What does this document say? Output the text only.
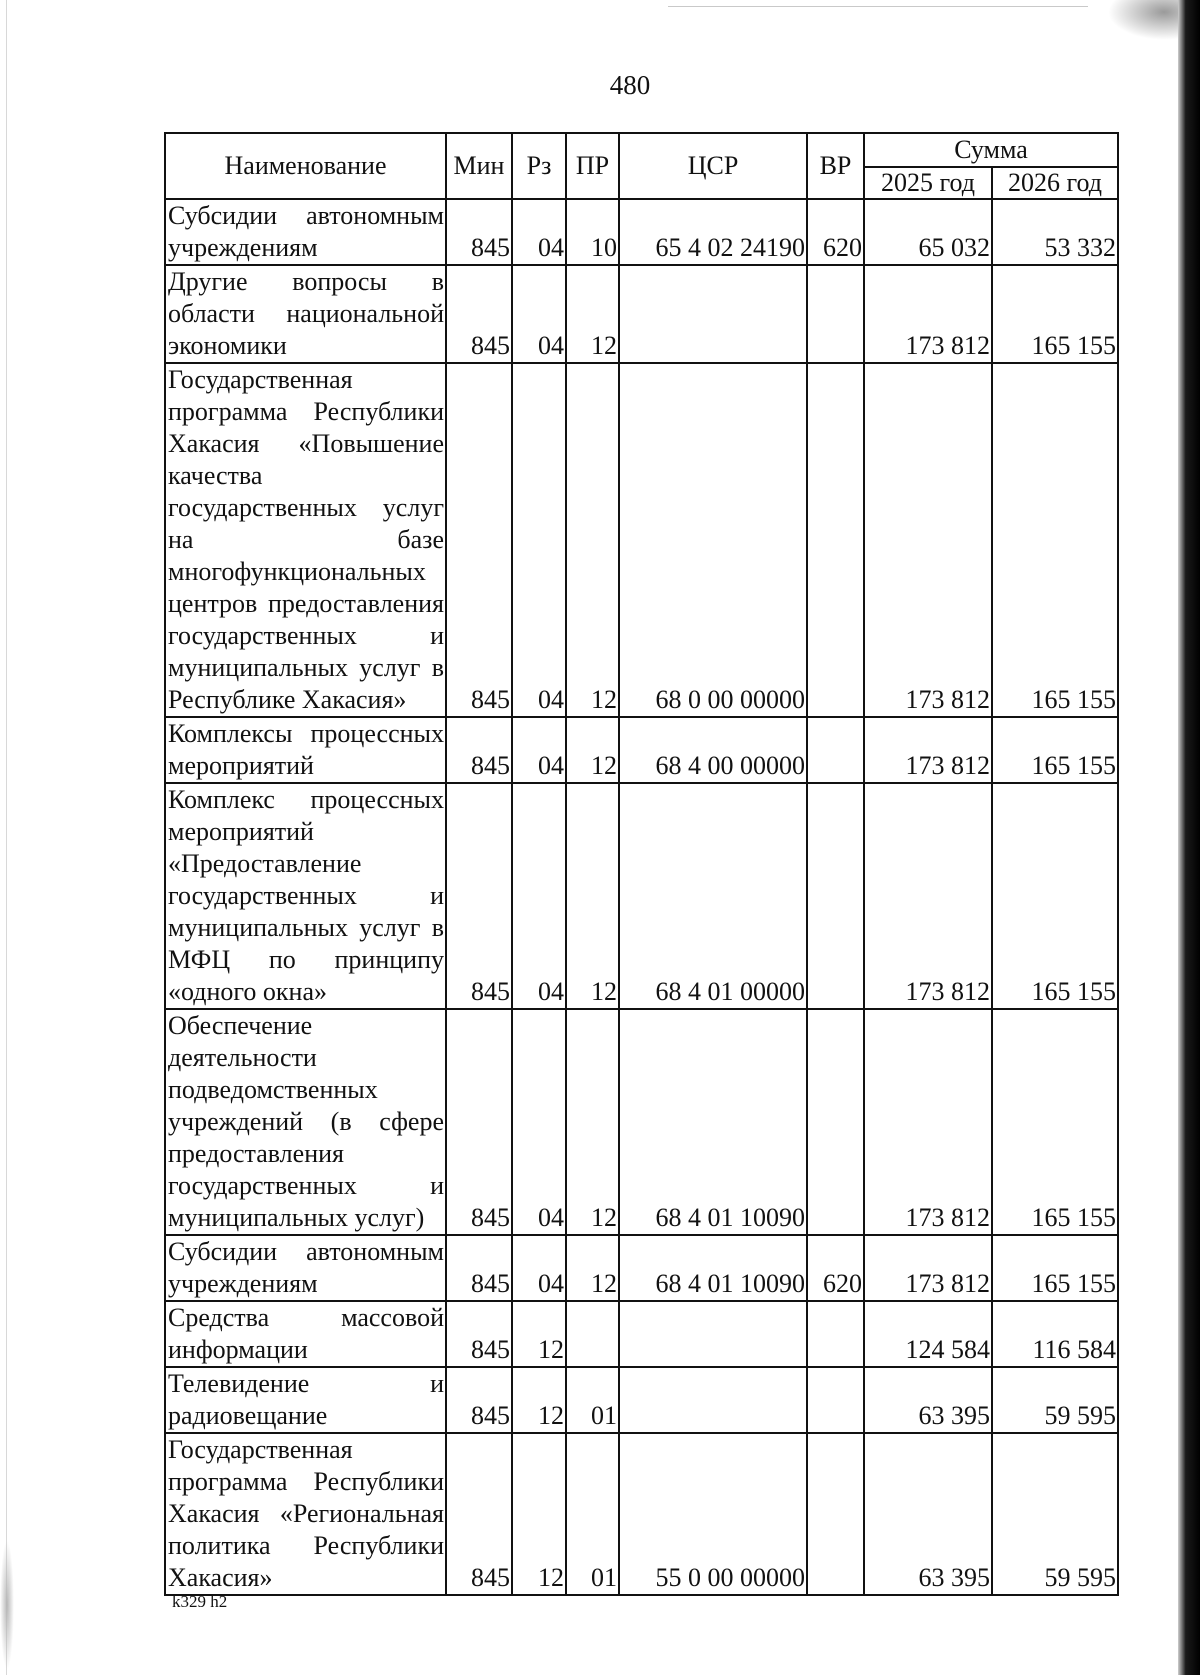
480
Наименование	Мин	Рз	ПР	ЦСР	ВР	Сумма	
						2025 год	2026 год
Субсидии автономным учреждениям	845	04	10	65 4 02 24190	620	65 032	53 332
Другие вопросы в области национальной экономики	845	04	12			173 812	165 155
Государственная программа Республики Хакасия «Повышение качества государственных услуг на базе многофункциональных центров предоставления государственных и муниципальных услуг в Республике Хакасия»	845	04	12	68 0 00 00000		173 812	165 155
Комплексы процессных мероприятий	845	04	12	68 4 00 00000		173 812	165 155
Комплекс процессных мероприятий «Предоставление государственных и муниципальных услуг в МФЦ по принципу «одного окна»	845	04	12	68 4 01 00000		173 812	165 155
Обеспечение деятельности подведомственных учреждений (в сфере предоставления государственных и муниципальных услуг)	845	04	12	68 4 01 10090		173 812	165 155
Субсидии автономным учреждениям	845	04	12	68 4 01 10090	620	173 812	165 155
Средства массовой информации	845	12				124 584	116 584
Телевидение и радиовещание	845	12	01			63 395	59 595
Государственная программа Республики Хакасия «Региональная политика Республики Хакасия»	845	12	01	55 0 00 00000		63 395	59 595
k329 h2
